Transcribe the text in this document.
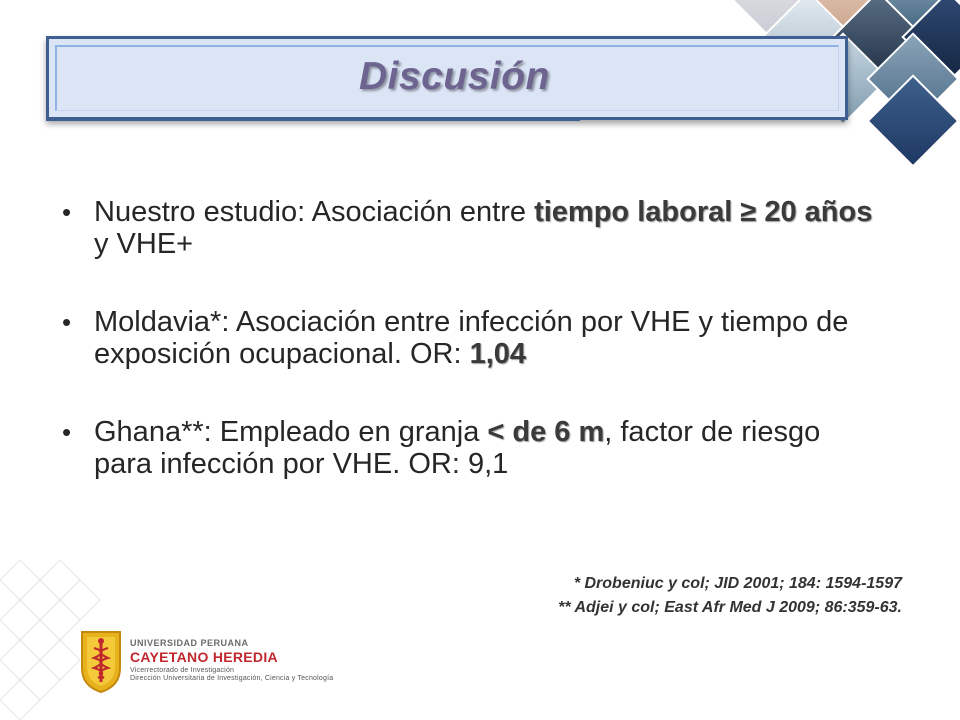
Discusión
• Nuestro estudio: Asociación entre tiempo laboral ≥ 20 años y VHE+
• Moldavia*: Asociación entre infección por VHE y tiempo de exposición ocupacional. OR: 1,04
• Ghana**: Empleado en granja < de 6 m, factor de riesgo para infección por VHE. OR: 9,1
* Drobeniuc y col; JID 2001; 184: 1594-1597
** Adjei y col; East Afr Med J 2009; 86:359-63.
UNIVERSIDAD PERUANA
CAYETANO HEREDIA
Vicerrectorado de Investigación
Dirección Universitaria de Investigación, Ciencia y Tecnología
